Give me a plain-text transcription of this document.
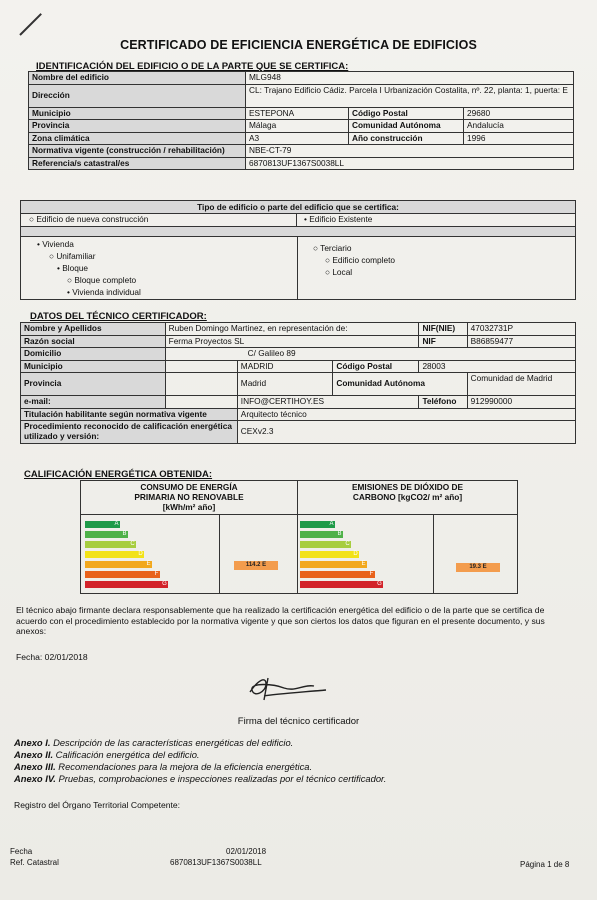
CERTIFICADO DE EFICIENCIA ENERGÉTICA DE EDIFICIOS
IDENTIFICACIÓN DEL EDIFICIO O DE LA PARTE QUE SE CERTIFICA:
Nombre del edificio	MLG948		
Dirección	CL: Trajano Edificio Cádiz. Parcela I Urbanización Costalita, nº. 22, planta: 1, puerta: E		
Municipio	ESTEPONA	Código Postal	29680
Provincia	Málaga	Comunidad Autónoma	Andalucía
Zona climática	A3	Año construcción	1996
Normativa vigente (construcción / rehabilitación)	NBE-CT-79		
Referencia/s catastral/es	6870813UF1367S0038LL		
Tipo de edificio o parte del edificio que se certifica:
○ Edificio de nueva construcción	• Edificio Existente
• Vivienda
○ Unifamiliar
• Bloque
○ Bloque completo
• Vivienda individual
○ Terciario
○ Edificio completo
○ Local
DATOS DEL TÉCNICO CERTIFICADOR:
Nombre y Apellidos	Ruben Domingo Martinez, en representación de:			NIF(NIE)	47032731P
Razón social	Ferma Proyectos SL			NIF	B86859477
Domicilio	C/ Galileo 89				
Municipio		MADRID	Código Postal	28003	
Provincia		Madrid	Comunidad Autónoma		Comunidad de Madrid
e-mail:		INFO@CERTIHOY.ES		Teléfono	912990000
Titulación habilitante según normativa vigente		Arquitecto técnico			
Procedimiento reconocido de calificación energética utilizado y versión:		CEXv2.3			
CALIFICACIÓN ENERGÉTICA OBTENIDA:
CONSUMO DE ENERGÍA PRIMARIA NO RENOVABLE [kWh/m² año]
A
B
C
D
E
F
G
114.2 E
EMISIONES DE DIÓXIDO DE CARBONO [kgCO2/ m² año]
A
B
C
D
E
F
G
19.3 E
El técnico abajo firmante declara responsablemente que ha realizado la certificación energética del edificio o de la parte que se certifica de acuerdo con el procedimiento establecido por la normativa vigente y que son ciertos los datos que figuran en el presente documento, y sus anexos:
Fecha: 02/01/2018
Firma del técnico certificador
Anexo I. Descripción de las características energéticas del edificio.
Anexo II. Calificación energética del edificio.
Anexo III. Recomendaciones para la mejora de la eficiencia energética.
Anexo IV. Pruebas, comprobaciones e inspecciones realizadas por el técnico certificador.
Registro del Órgano Territorial Competente:
Fecha
Ref. Catastral
02/01/2018
6870813UF1367S0038LL	Página 1 de 8
